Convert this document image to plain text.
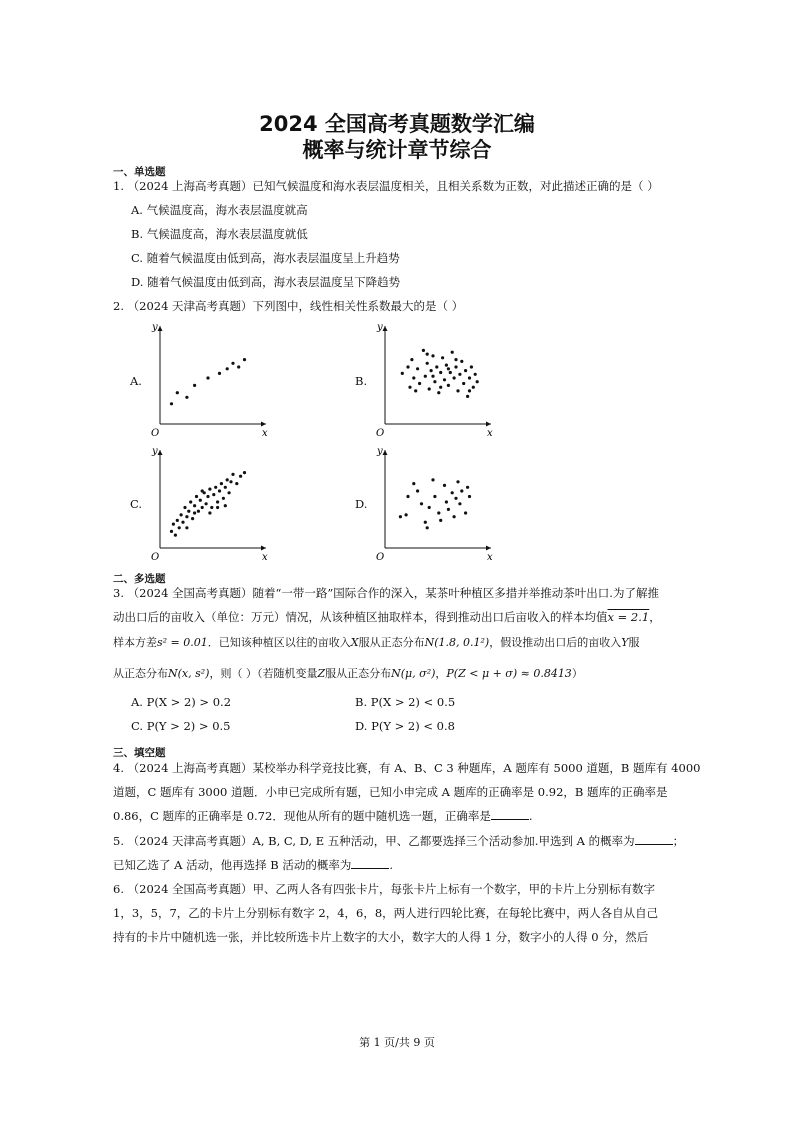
2024 全国高考真题数学汇编
概率与统计章节综合
一、单选题
1. （2024 上海高考真题）已知气候温度和海水表层温度相关，且相关系数为正数，对此描述正确的是（ ）
A. 气候温度高，海水表层温度就高
B. 气候温度高，海水表层温度就低
C. 随着气候温度由低到高，海水表层温度呈上升趋势
D. 随着气候温度由低到高，海水表层温度呈下降趋势
2. （2024 天津高考真题）下列图中，线性相关性系数最大的是（ ）
A.	B.
C.	D.
y
x
O
y
x
O
y
x
O
y
x
O
二、多选题
3. （2024 全国高考真题）随着“一带一路”国际合作的深入，某茶叶种植区多措并举推动茶叶出口.为了解推
动出口后的亩收入（单位：万元）情况，从该种植区抽取样本，得到推动出口后亩收入的样本均值x = 2.1，
样本方差s² = 0.01．已知该种植区以往的亩收入X服从正态分布N(1.8, 0.1²)，假设推动出口后的亩收入Y服
从正态分布N(x, s²)，则（ ）（若随机变量Z服从正态分布N(μ, σ²)，P(Z < μ + σ) ≈ 0.8413）
A. P(X > 2) > 0.2	B. P(X > 2) < 0.5
C. P(Y > 2) > 0.5	D. P(Y > 2) < 0.8
三、填空题
4. （2024 上海高考真题）某校举办科学竞技比赛，有 A、B、C 3 种题库，A 题库有 5000 道题，B 题库有 4000
道题，C 题库有 3000 道题．小申已完成所有题，已知小申完成 A 题库的正确率是 0.92，B 题库的正确率是
0.86，C 题库的正确率是 0.72．现他从所有的题中随机选一题，正确率是	.
5. （2024 天津高考真题）A, B, C, D, E 五种活动，甲、乙都要选择三个活动参加.甲选到 A 的概率为	；
已知乙选了 A 活动，他再选择 B 活动的概率为	.
6. （2024 全国高考真题）甲、乙两人各有四张卡片，每张卡片上标有一个数字，甲的卡片上分别标有数字
1，3，5，7，乙的卡片上分别标有数字 2，4，6，8，两人进行四轮比赛，在每轮比赛中，两人各自从自己
持有的卡片中随机选一张，并比较所选卡片上数字的大小，数字大的人得 1 分，数字小的人得 0 分，然后
第 1 页/共 9 页
